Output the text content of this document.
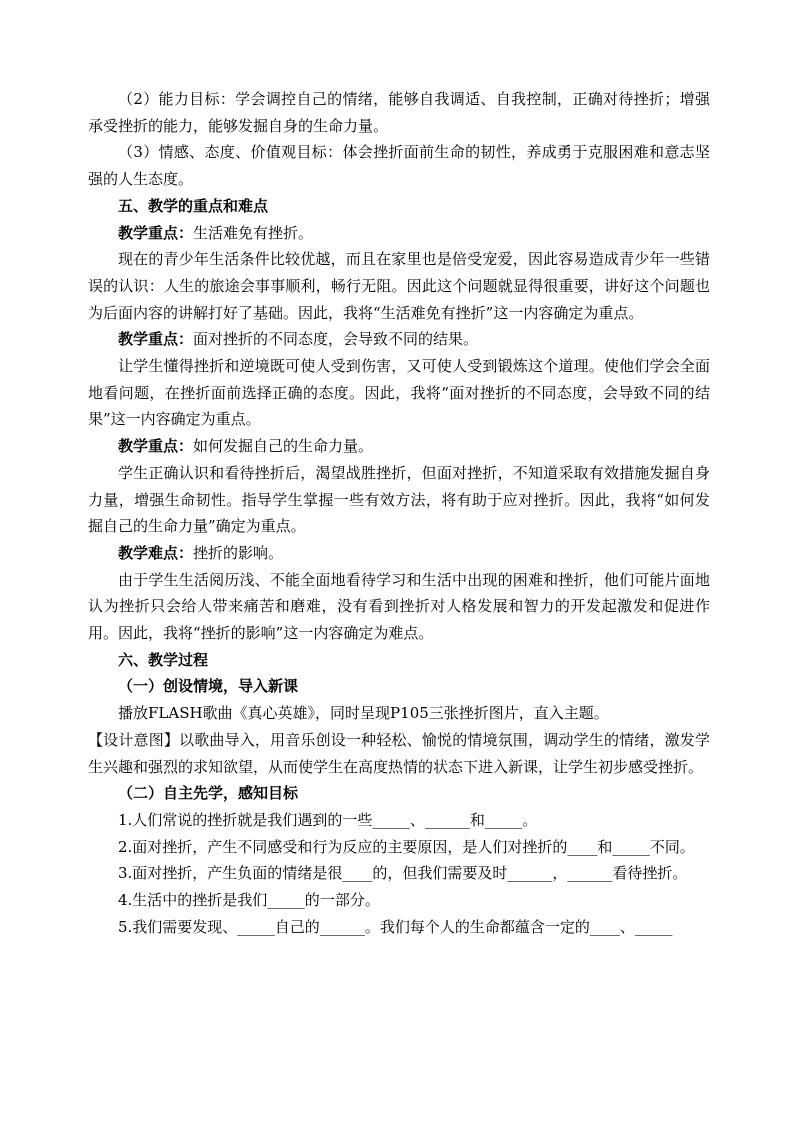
（2）能力目标：学会调控自己的情绪，能够自我调适、自我控制，正确对待挫折；增强承受挫折的能力，能够发掘自身的生命力量。

（3）情感、态度、价值观目标：体会挫折面前生命的韧性，养成勇于克服困难和意志坚强的人生态度。

五、教学的重点和难点

教学重点：生活难免有挫折。

现在的青少年生活条件比较优越，而且在家里也是倍受宠爱，因此容易造成青少年一些错误的认识：人生的旅途会事事顺利，畅行无阻。因此这个问题就显得很重要，讲好这个问题也为后面内容的讲解打好了基础。因此，我将“生活难免有挫折”这一内容确定为重点。

教学重点：面对挫折的不同态度，会导致不同的结果。

让学生懂得挫折和逆境既可使人受到伤害，又可使人受到锻炼这个道理。使他们学会全面地看问题，在挫折面前选择正确的态度。因此，我将“面对挫折的不同态度，会导致不同的结果”这一内容确定为重点。

教学重点：如何发掘自己的生命力量。

学生正确认识和看待挫折后，渴望战胜挫折，但面对挫折，不知道采取有效措施发掘自身力量，增强生命韧性。指导学生掌握一些有效方法，将有助于应对挫折。因此，我将“如何发掘自己的生命力量”确定为重点。

教学难点：挫折的影响。

由于学生生活阅历浅、不能全面地看待学习和生活中出现的困难和挫折，他们可能片面地认为挫折只会给人带来痛苦和磨难，没有看到挫折对人格发展和智力的开发起激发和促进作用。因此，我将“挫折的影响”这一内容确定为难点。

六、教学过程

（一）创设情境，导入新课

播放FLASH歌曲《真心英雄》，同时呈现P105三张挫折图片，直入主题。

【设计意图】以歌曲导入，用音乐创设一种轻松、愉悦的情境氛围，调动学生的情绪，激发学生兴趣和强烈的求知欲望，从而使学生在高度热情的状态下进入新课，让学生初步感受挫折。

（二）自主先学，感知目标

1.人们常说的挫折就是我们遇到的一些_____、______和_____。

2.面对挫折，产生不同感受和行为反应的主要原因，是人们对挫折的____和_____不同。

3.面对挫折，产生负面的情绪是很____的，但我们需要及时______，______看待挫折。

4.生活中的挫折是我们_____的一部分。

5.我们需要发现、_____自己的______。我们每个人的生命都蕴含一定的____、_____
